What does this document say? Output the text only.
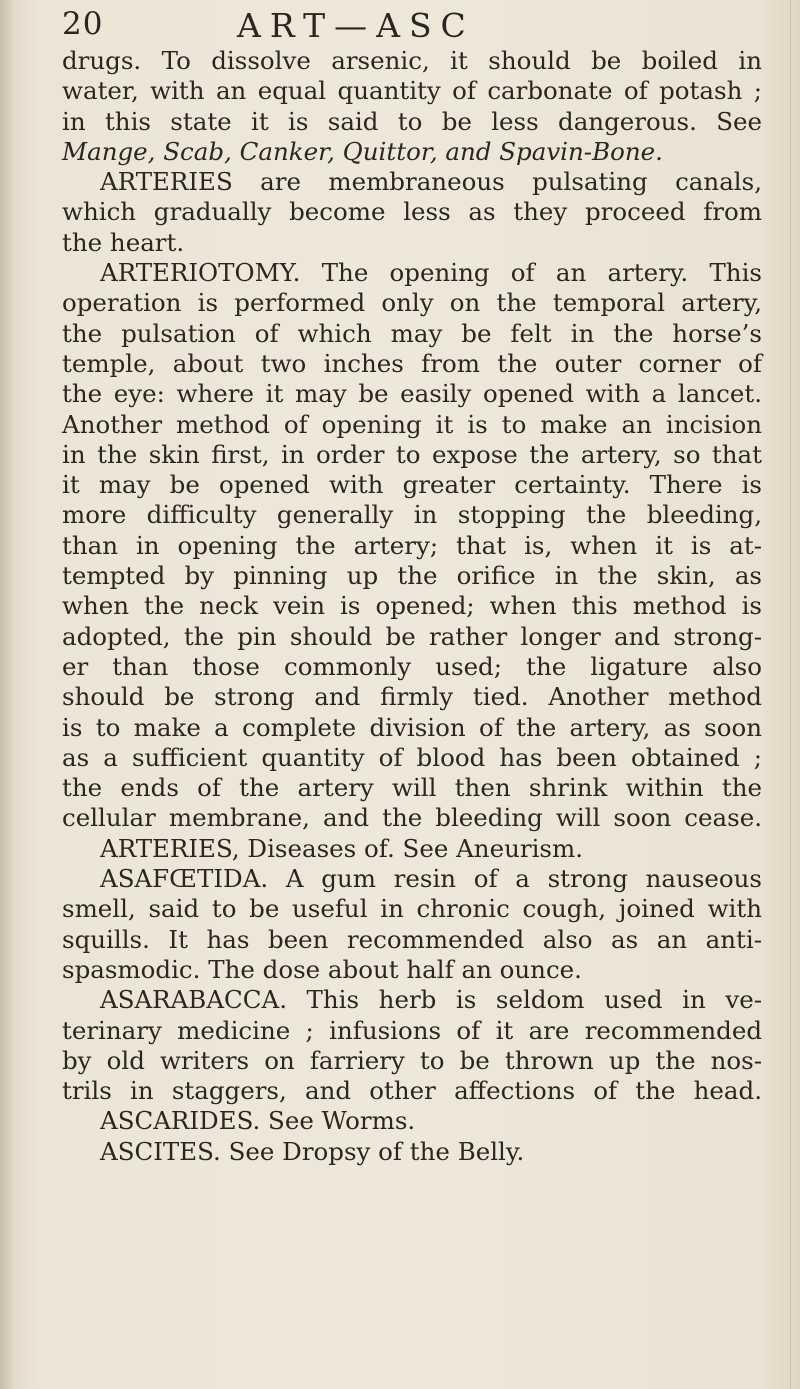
20	ART—ASC
drugs. To dissolve arsenic, it should be boiled in
water, with an equal quantity of carbonate of potash ;
in this state it is said to be less dangerous. See
Mange, Scab, Canker, Quittor, and Spavin-Bone.
ARTERIES are membraneous pulsating canals,
which gradually become less as they proceed from
the heart.
ARTERIOTOMY. The opening of an artery. This
operation is performed only on the temporal artery,
the pulsation of which may be felt in the horse’s
temple, about two inches from the outer corner of
the eye: where it may be easily opened with a lancet.
Another method of opening it is to make an incision
in the skin first, in order to expose the artery, so that
it may be opened with greater certainty. There is
more difficulty generally in stopping the bleeding,
than in opening the artery; that is, when it is at-
tempted by pinning up the orifice in the skin, as
when the neck vein is opened; when this method is
adopted, the pin should be rather longer and strong-
er than those commonly used; the ligature also
should be strong and firmly tied. Another method
is to make a complete division of the artery, as soon
as a sufficient quantity of blood has been obtained ;
the ends of the artery will then shrink within the
cellular membrane, and the bleeding will soon cease.
ARTERIES, Diseases of. See Aneurism.
ASAFŒTIDA. A gum resin of a strong nauseous
smell, said to be useful in chronic cough, joined with
squills. It has been recommended also as an anti-
spasmodic. The dose about half an ounce.
ASARABACCA. This herb is seldom used in ve-
terinary medicine ; infusions of it are recommended
by old writers on farriery to be thrown up the nos-
trils in staggers, and other affections of the head.
ASCARIDES. See Worms.
ASCITES. See Dropsy of the Belly.
